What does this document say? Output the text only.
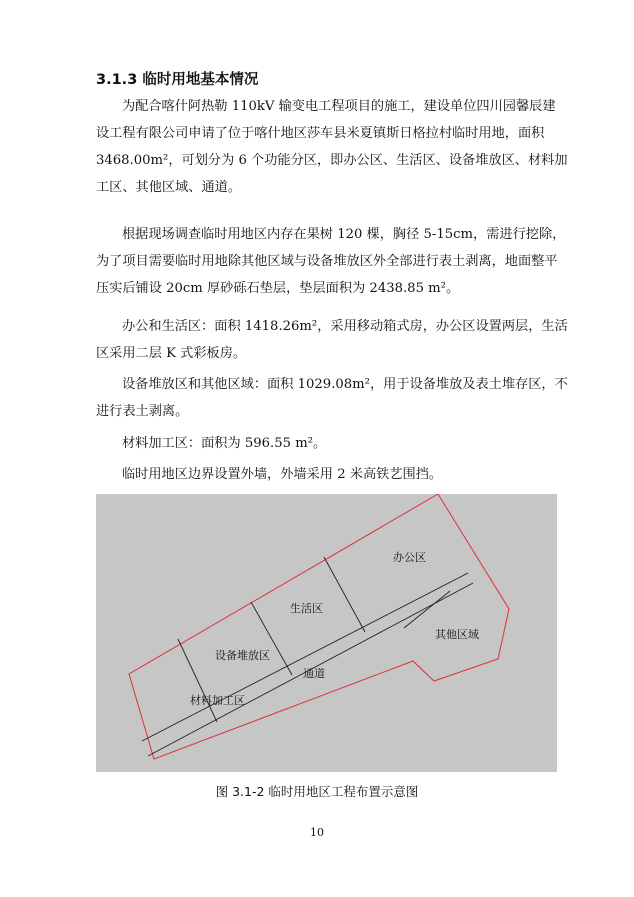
3.1.3 临时用地基本情况

为配合喀什阿热勒 110kV 输变电工程项目的施工，建设单位四川园馨辰建
设工程有限公司申请了位于喀什地区莎车县米夏镇斯日格拉村临时用地，面积
3468.00m²，可划分为 6 个功能分区，即办公区、生活区、设备堆放区、材料加
工区、其他区域、通道。

根据现场调查临时用地区内存在果树 120 棵，胸径 5-15cm，需进行挖除，
为了项目需要临时用地除其他区域与设备堆放区外全部进行表土剥离，地面整平
压实后铺设 20cm 厚砂砾石垫层，垫层面积为 2438.85 m²。

办公和生活区：面积 1418.26m²，采用移动箱式房，办公区设置两层，生活
区采用二层 K 式彩板房。

设备堆放区和其他区域：面积 1029.08m²，用于设备堆放及表土堆存区，不
进行表土剥离。

材料加工区：面积为 596.55 m²。

临时用地区边界设置外墙，外墙采用 2 米高铁艺围挡。

材料加工区
设备堆放区
生活区
办公区
其他区域
通道
图 3.1-2 临时用地区工程布置示意图
10
